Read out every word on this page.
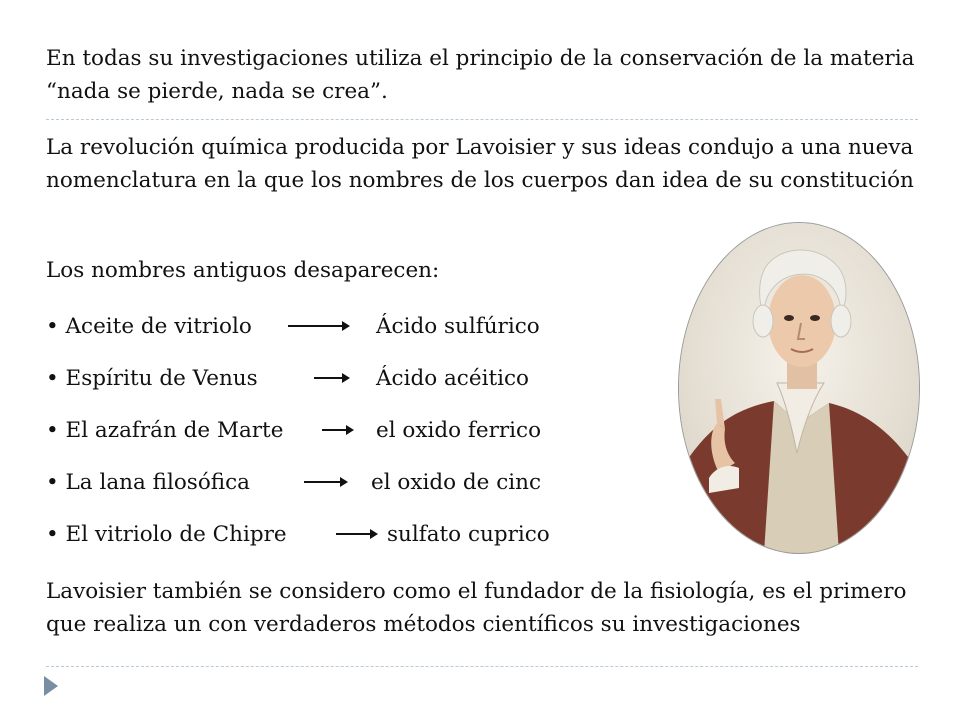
En todas su investigaciones utiliza el principio de la conservación de la materia “nada se pierde, nada se crea”.

La revolución química producida por Lavoisier y sus ideas condujo a una nueva nomenclatura en la que los nombres de los cuerpos dan idea de su constitución

Los nombres antiguos desaparecen:

• Aceite de vitriolo	Ácido sulfúrico
• Espíritu de Venus	Ácido acéitico
• El azafrán de Marte	el oxido ferrico
• La lana filosófica	el oxido de cinc
• El vitriolo de Chipre	sulfato cuprico

Lavoisier también se considero como el fundador de la fisiología, es el primero que realiza un con verdaderos métodos científicos su investigaciones
